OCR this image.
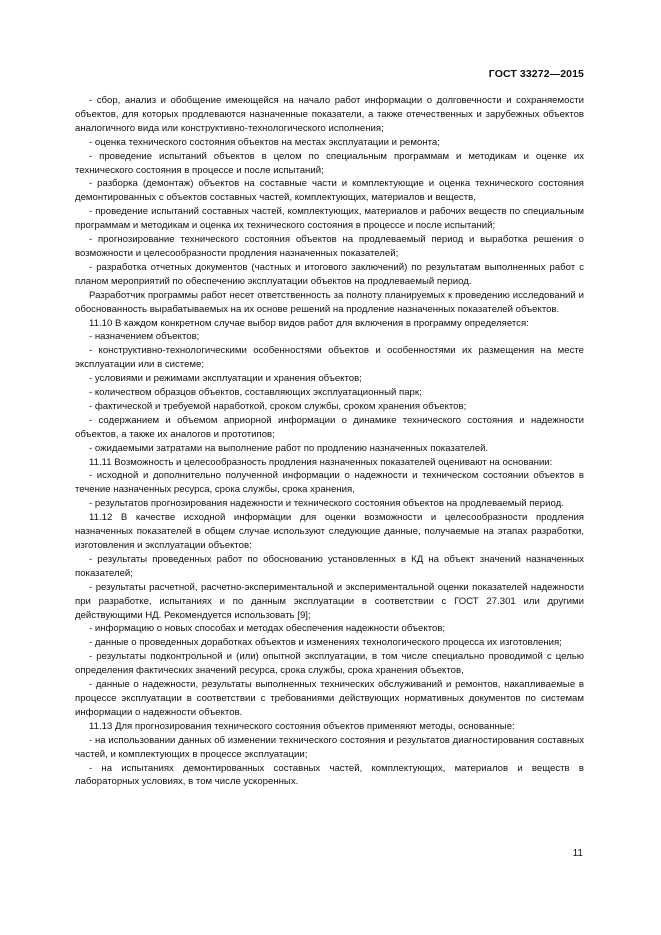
ГОСТ 33272—2015

- сбор, анализ и обобщение имеющейся на начало работ информации о долговечности и сохраняемости объектов, для которых продлеваются назначенные показатели, а также отечественных и зарубежных объектов аналогичного вида или конструктивно-технологического исполнения;

- оценка технического состояния объектов на местах эксплуатации и ремонта;

- проведение испытаний объектов в целом по специальным программам и методикам и оценке их технического состояния в процессе и после испытаний;

- разборка (демонтаж) объектов на составные части и комплектующие и оценка технического состояния демонтированных с объектов составных частей, комплектующих, материалов и веществ,

- проведение испытаний составных частей, комплектующих, материалов и рабочих веществ по специальным программам и методикам и оценка их технического состояния в процессе и после испытаний;

- прогнозирование технического состояния объектов на продлеваемый период и выработка решения о возможности и целесообразности продления назначенных показателей;

- разработка отчетных документов (частных и итогового заключений) по результатам выполненных работ с планом мероприятий по обеспечению эксплуатации объектов на продлеваемый период.

Разработчик программы работ несет ответственность за полноту планируемых к проведению исследований и обоснованность вырабатываемых на их основе решений на продление назначенных показателей объектов.

11.10 В каждом конкретном случае выбор видов работ для включения в программу определяется:

- назначением объектов;

- конструктивно-технологическими особенностями объектов и особенностями их размещения на месте эксплуатации или в системе;

- условиями и режимами эксплуатации и хранения объектов;

- количеством образцов объектов, составляющих эксплуатационный парк;

- фактической и требуемой наработкой, сроком службы, сроком хранения объектов;

- содержанием и объемом априорной информации о динамике технического состояния и надежности объектов, а также их аналогов и прототипов;

- ожидаемыми затратами на выполнение работ по продлению назначенных показателей.

11.11 Возможность и целесообразность продления назначенных показателей оценивают на основании:

- исходной и дополнительно полученной информации о надежности и техническом состоянии объектов в течение назначенных ресурса, срока службы, срока хранения,

- результатов прогнозирования надежности и технического состояния объектов на продлеваемый период.

11.12 В качестве исходной информации для оценки возможности и целесообразности продления назначенных показателей в общем случае используют следующие данные, получаемые на этапах разработки, изготовления и эксплуатации объектов:

- результаты проведенных работ по обоснованию установленных в КД на объект значений назначенных показателей;

- результаты расчетной, расчетно-экспериментальной и экспериментальной оценки показателей надежности при разработке, испытаниях и по данным эксплуатации в соответствии с ГОСТ 27.301 или другими действующими НД. Рекомендуется использовать [9];

- информацию о новых способах и методах обеспечения надежности объектов;

- данные о проведенных доработках объектов и изменениях технологического процесса их изготовления;

- результаты подконтрольной и (или) опытной эксплуатации, в том числе специально проводимой с целью определения фактических значений ресурса, срока службы, срока хранения объектов,

- данные о надежности, результаты выполненных технических обслуживаний и ремонтов, накапливаемые в процессе эксплуатации в соответствии с требованиями действующих нормативных документов по системам информации о надежности объектов.

11.13 Для прогнозирования технического состояния объектов применяют методы, основанные:

- на использовании данных об изменении технического состояния и результатов диагностирования составных частей, и комплектующих в процессе эксплуатации;

- на испытаниях демонтированных составных частей, комплектующих, материалов и веществ в лабораторных условиях, в том числе ускоренных.

11
